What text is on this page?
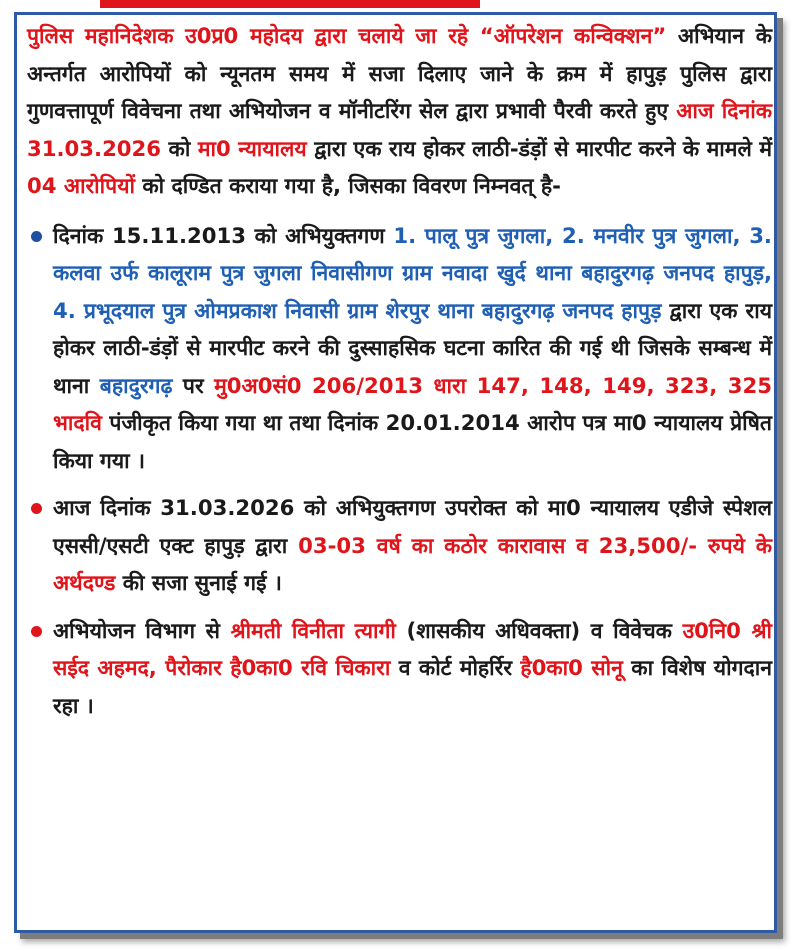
पुलिस महानिदेशक उ0प्र0 महोदय द्वारा चलाये जा रहे “ऑपरेशन कन्विक्शन” अभियान के अन्तर्गत आरोपियों को न्यूनतम समय में सजा दिलाए जाने के क्रम में हापुड़ पुलिस द्वारा गुणवत्तापूर्ण विवेचना तथा अभियोजन व मॉनीटरिंग सेल द्वारा प्रभावी पैरवी करते हुए आज दिनांक 31.03.2026 को मा0 न्यायालय द्वारा एक राय होकर लाठी-डंड़ों से मारपीट करने के मामले में 04 आरोपियों को दण्डित कराया गया है, जिसका विवरण निम्नवत् है-

दिनांक 15.11.2013 को अभियुक्तगण 1. पालू पुत्र जुगला, 2. मनवीर पुत्र जुगला, 3. कलवा उर्फ कालूराम पुत्र जुगला निवासीगण ग्राम नवादा खुर्द थाना बहादुरगढ़ जनपद हापुड़, 4. प्रभूदयाल पुत्र ओमप्रकाश निवासी ग्राम शेरपुर थाना बहादुरगढ़ जनपद हापुड़ द्वारा एक राय होकर लाठी-डंड़ों से मारपीट करने की दुस्साहसिक घटना कारित की गई थी जिसके सम्बन्ध में थाना बहादुरगढ़ पर मु0अ0सं0 206/2013 धारा 147, 148, 149, 323, 325 भादवि पंजीकृत किया गया था तथा दिनांक 20.01.2014 आरोप पत्र मा0 न्यायालय प्रेषित किया गया ।
आज दिनांक 31.03.2026 को अभियुक्तगण उपरोक्त को मा0 न्यायालय एडीजे स्पेशल एससी/एसटी एक्ट हापुड़ द्वारा 03-03 वर्ष का कठोर कारावास व 23,500/- रुपये के अर्थदण्ड की सजा सुनाई गई ।
अभियोजन विभाग से श्रीमती विनीता त्यागी (शासकीय अधिवक्ता) व विवेचक उ0नि0 श्री सईद अहमद, पैरोकार है0का0 रवि चिकारा व कोर्ट मोहर्रिर है0का0 सोनू का विशेष योगदान रहा ।
